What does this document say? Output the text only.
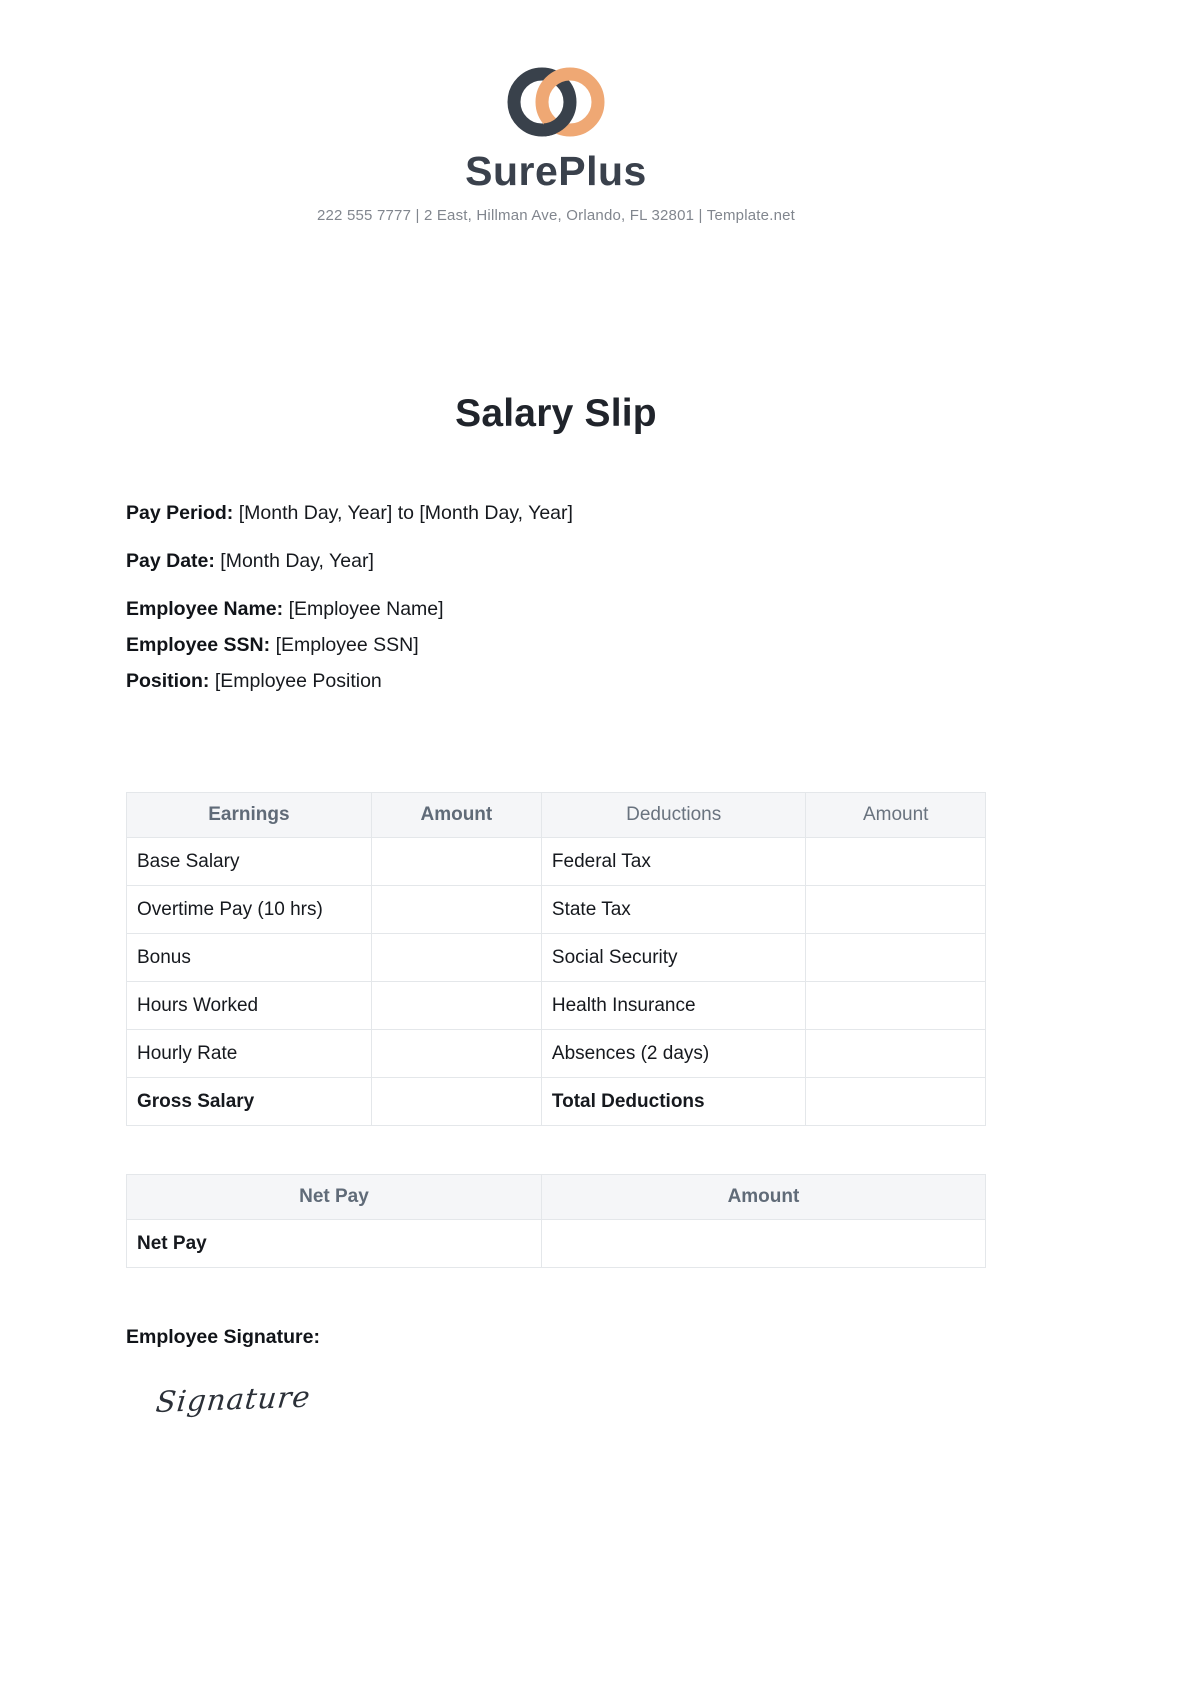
SurePlus
222 555 7777 | 2 East, Hillman Ave, Orlando, FL 32801 | Template.net
Salary Slip
Pay Period: [Month Day, Year] to [Month Day, Year]
Pay Date: [Month Day, Year]
Employee Name: [Employee Name]
Employee SSN: [Employee SSN]
Position: [Employee Position
Earnings	Amount	Deductions	Amount
Base Salary		Federal Tax	
Overtime Pay (10 hrs)		State Tax	
Bonus		Social Security	
Hours Worked		Health Insurance	
Hourly Rate		Absences (2 days)	
Gross Salary		Total Deductions	
Net Pay	Amount
Net Pay	
Employee Signature:
Signature
